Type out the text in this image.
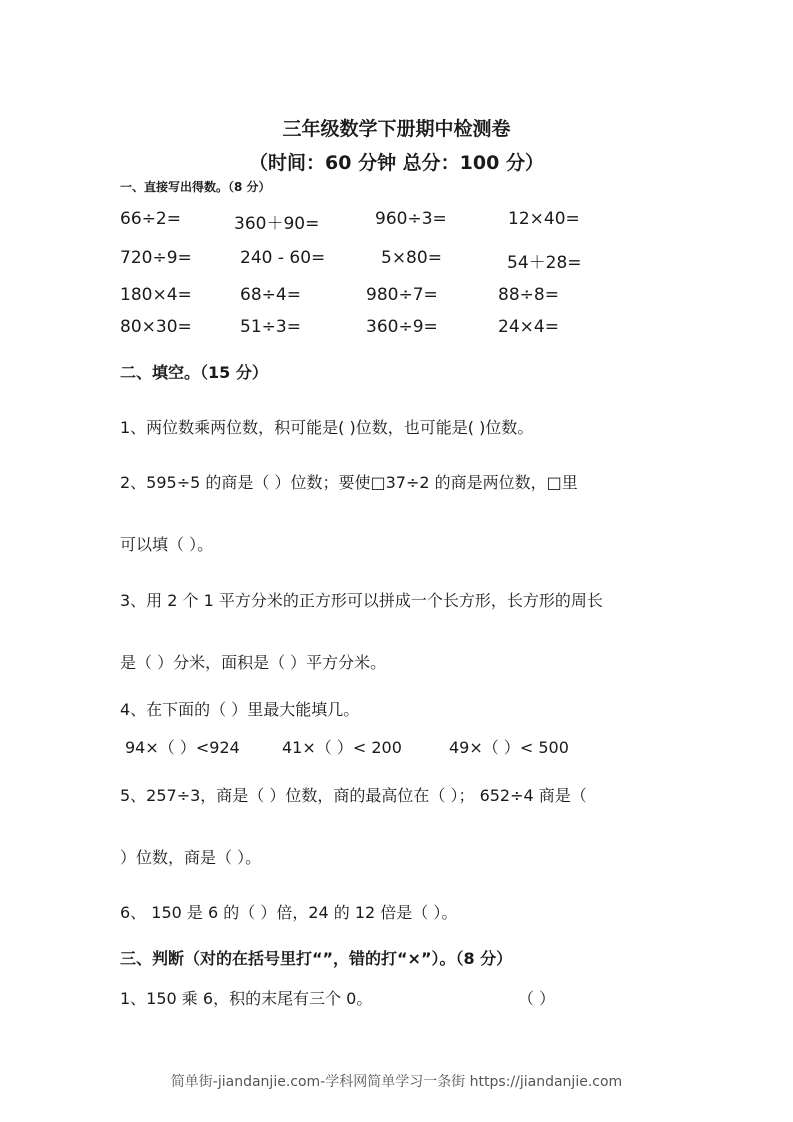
三年级数学下册期中检测卷
（时间：60 分钟 总分：100 分）
一、直接写出得数。（8 分）
66÷2=	360＋90=	960÷3=	12×40=
720÷9=	240 - 60=	5×80=	54＋28=
180×4=	68÷4=	980÷7=	88÷8=
80×30=	51÷3=	360÷9=	24×4=
二、填空。（15 分）
1、两位数乘两位数，积可能是( )位数，也可能是( )位数。
2、595÷5 的商是（ ）位数；要使□37÷2 的商是两位数，□里
可以填（ ）。
3、用 2 个 1 平方分米的正方形可以拼成一个长方形，长方形的周长
是（ ）分米，面积是（ ）平方分米。
4、在下面的（ ）里最大能填几。
94×（ ）<924	41×（ ）< 200	49×（ ）< 500
5、257÷3，商是（ ）位数，商的最高位在（ ）； 652÷4 商是（
）位数，商是（ ）。
6、 150 是 6 的（ ）倍，24 的 12 倍是（ ）。
三、判断（对的在括号里打“”，错的打“×”）。（8 分）
1、150 乘 6，积的末尾有三个 0。	（ ）
简单街-jiandanjie.com-学科网简单学习一条街 https://jiandanjie.com
